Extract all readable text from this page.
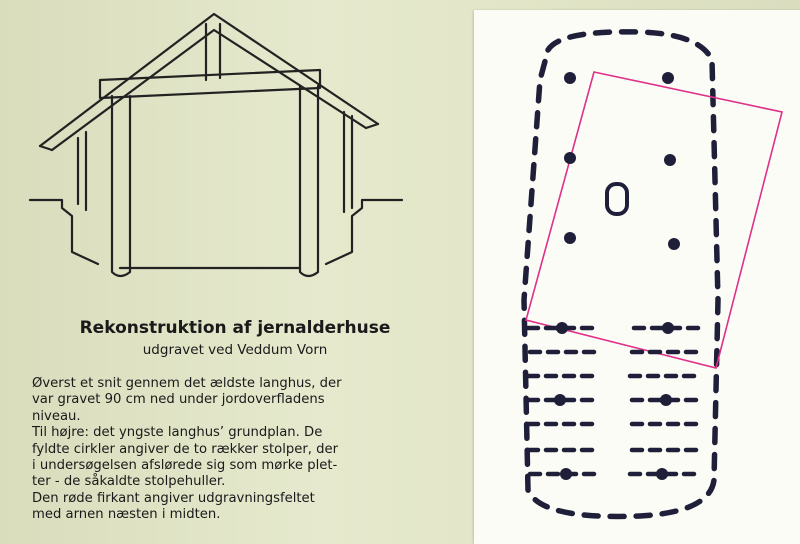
Rekonstruktion af jernalderhuse
udgravet ved Veddum Vorn
Øverst et snit gennem det ældste langhus, der
var gravet 90 cm ned under jordoverfladens
niveau.
Til højre: det yngste langhus’ grundplan. De
fyldte cirkler angiver de to rækker stolper, der
i undersøgelsen afslørede sig som mørke plet-
ter - de såkaldte stolpehuller.
Den røde firkant angiver udgravningsfeltet
med arnen næsten i midten.
